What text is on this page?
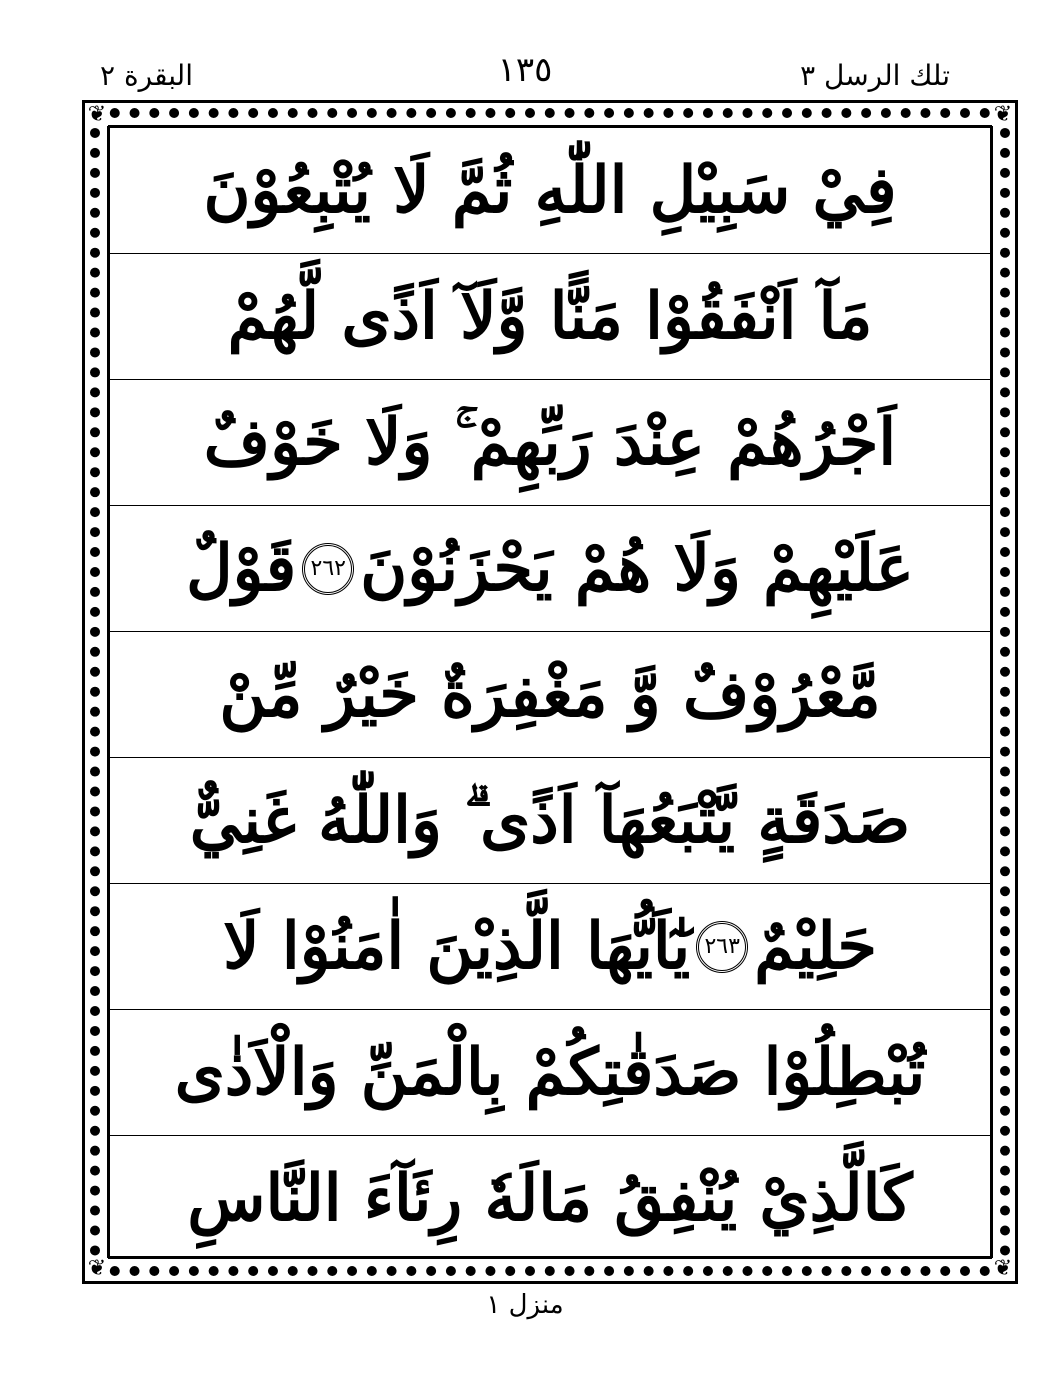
تلك الرسل ٣
١٣٥
البقرة ٢
❦	❦
❦	❦
فِيْ سَبِيْلِ اللّٰهِ ثُمَّ لَا يُتْبِعُوْنَ
مَآ اَنْفَقُوْا مَنًّا وَّلَآ اَذًى لَّهُمْ
اَجْرُهُمْ عِنْدَ رَبِّهِمْ ۚ وَلَا خَوْفٌ
عَلَيْهِمْ وَلَا هُمْ يَحْزَنُوْنَ
٢٦٢
قَوْلٌ
مَّعْرُوْفٌ وَّ مَغْفِرَةٌ خَيْرٌ مِّنْ
صَدَقَةٍ يَّتْبَعُهَآ اَذًى ۗ وَاللّٰهُ غَنِيٌّ
حَلِيْمٌ
٢٦٣
يٰٓاَيُّهَا الَّذِيْنَ اٰمَنُوْا لَا
تُبْطِلُوْا صَدَقٰتِكُمْ بِالْمَنِّ وَالْاَذٰى
كَالَّذِيْ يُنْفِقُ مَالَهٗ رِئَآءَ النَّاسِ
منزل ١
